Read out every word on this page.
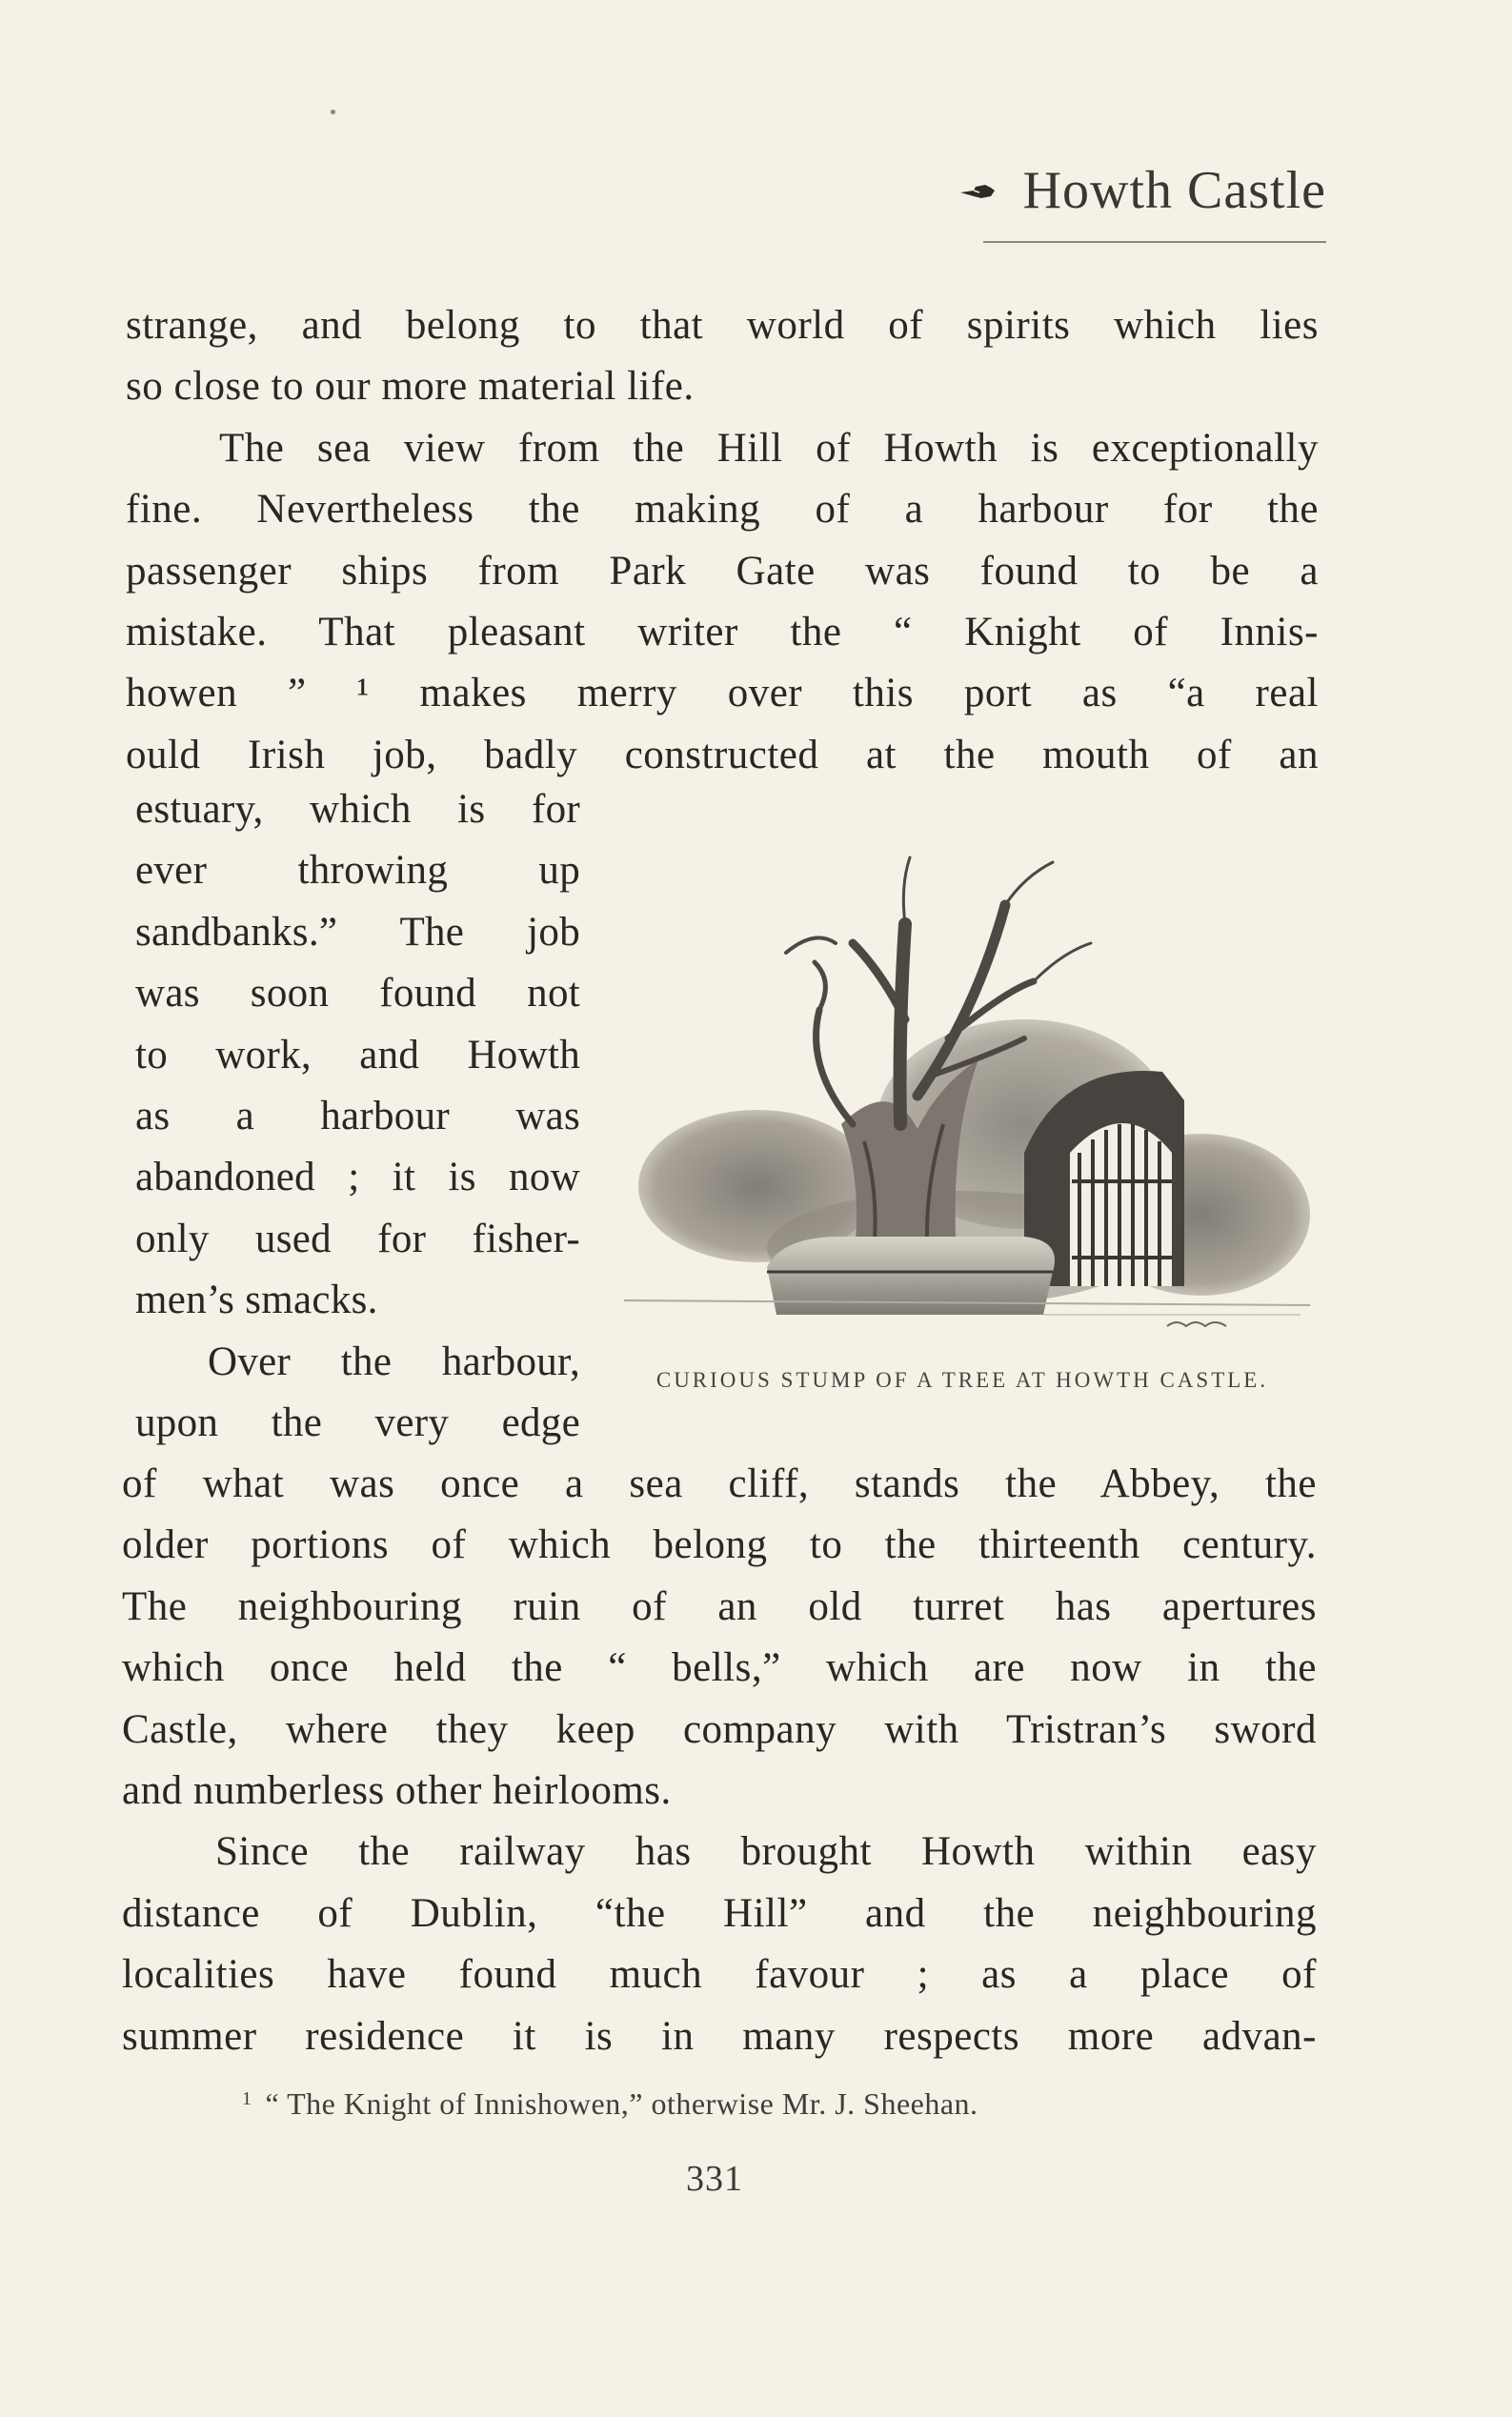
Howth Castle
strange, and belong to that world of spirits which lies
so close to our more material life.
The sea view from the Hill of Howth is exceptionally
fine. Nevertheless the making of a harbour for the
passenger ships from Park Gate was found to be a
mistake. That pleasant writer the “ Knight of Innis-
howen ” ¹ makes merry over this port as “a real
ould Irish job, badly constructed at the mouth of an
estuary, which is for
ever throwing up
sandbanks.” The job
was soon found not
to work, and Howth
as a harbour was
abandoned ; it is now
only used for fisher-
men’s smacks.
Over the harbour,
upon the very edge
CURIOUS STUMP OF A TREE AT HOWTH CASTLE.
of what was once a sea cliff, stands the Abbey, the
older portions of which belong to the thirteenth century.
The neighbouring ruin of an old turret has apertures
which once held the “ bells,” which are now in the
Castle, where they keep company with Tristran’s sword
and numberless other heirlooms.
Since the railway has brought Howth within easy
distance of Dublin, “the Hill” and the neighbouring
localities have found much favour ; as a place of
summer residence it is in many respects more advan-
$^1$ “ The Knight of Innishowen,” otherwise Mr. J. Sheehan.
331
